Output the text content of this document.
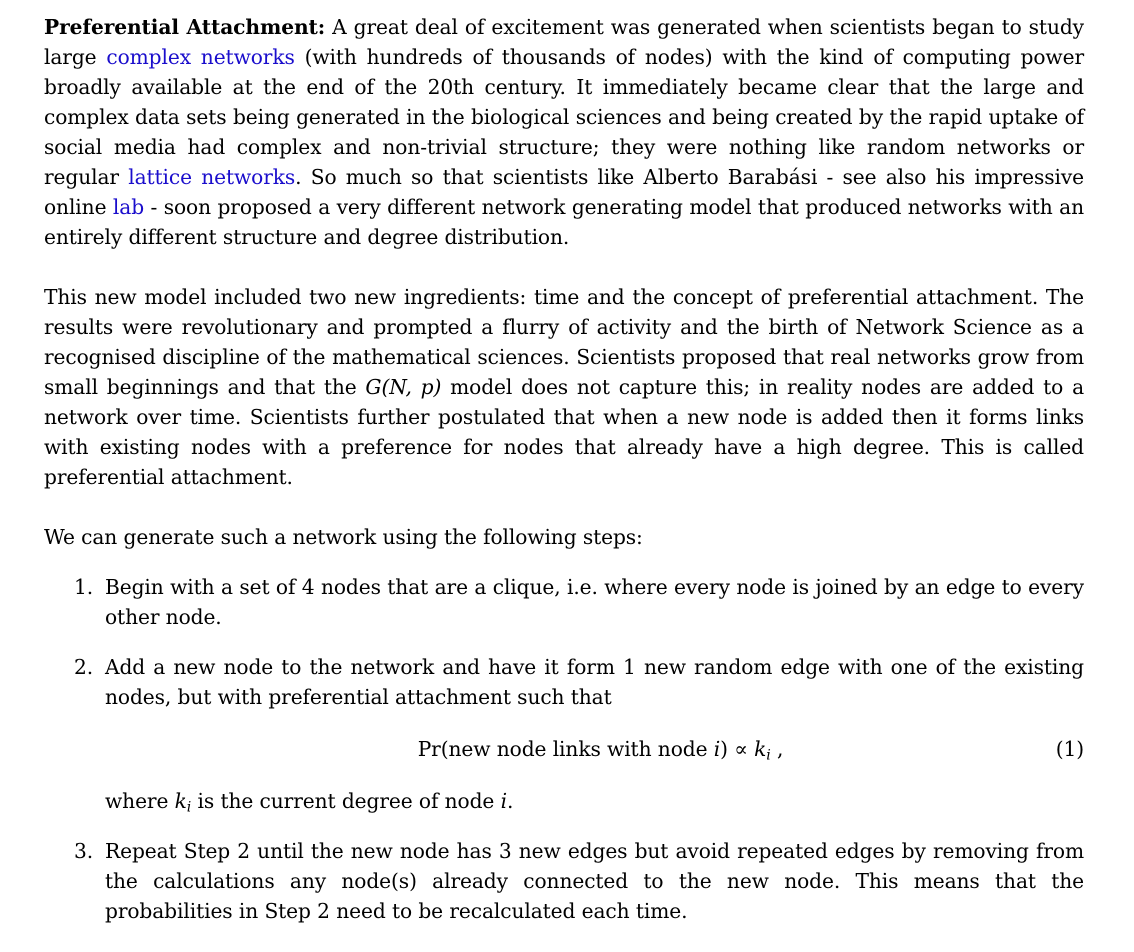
Preferential Attachment: A great deal of excitement was generated when scientists began to study large complex networks (with hundreds of thousands of nodes) with the kind of computing power broadly available at the end of the 20th century. It immediately became clear that the large and complex data sets being generated in the biological sciences and being created by the rapid uptake of social media had complex and non-trivial structure; they were nothing like random networks or regular lattice networks. So much so that scientists like Alberto Barabási - see also his impressive online lab - soon proposed a very different network generating model that produced networks with an entirely different structure and degree distribution.

This new model included two new ingredients: time and the concept of preferential attachment. The results were revolutionary and prompted a flurry of activity and the birth of Network Science as a recognised discipline of the mathematical sciences. Scientists proposed that real networks grow from small beginnings and that the G(N, p) model does not capture this; in reality nodes are added to a network over time. Scientists further postulated that when a new node is added then it forms links with existing nodes with a preference for nodes that already have a high degree. This is called preferential attachment.

We can generate such a network using the following steps:

1. Begin with a set of 4 nodes that are a clique, i.e. where every node is joined by an edge to every other node.
2. Add a new node to the network and have it form 1 new random edge with one of the existing nodes, but with preferential attachment such that
Pr(new node links with node $i) \propto k_i$ ,	(1)
where $k_i$ is the current degree of node i.
3. Repeat Step 2 until the new node has 3 new edges but avoid repeated edges by removing from the calculations any node(s) already connected to the new node. This means that the probabilities in Step 2 need to be recalculated each time.
